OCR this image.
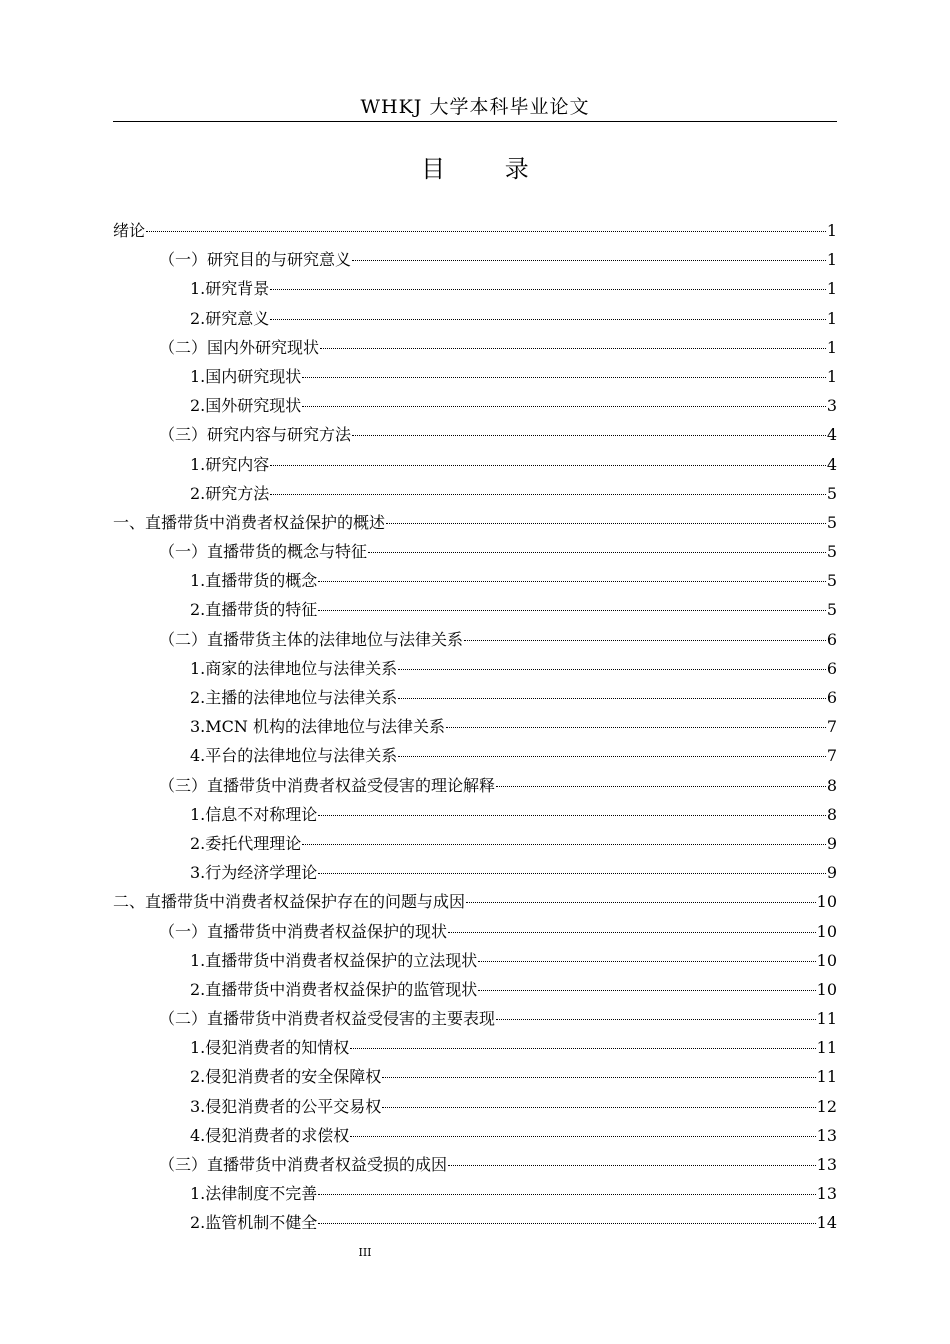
WHKJ 大学本科毕业论文
目 录
绪论	1
（一）研究目的与研究意义	1
1.研究背景	1
2.研究意义	1
（二）国内外研究现状	1
1.国内研究现状	1
2.国外研究现状	3
（三）研究内容与研究方法	4
1.研究内容	4
2.研究方法	5
一、直播带货中消费者权益保护的概述	5
（一）直播带货的概念与特征	5
1.直播带货的概念	5
2.直播带货的特征	5
（二）直播带货主体的法律地位与法律关系	6
1.商家的法律地位与法律关系	6
2.主播的法律地位与法律关系	6
3.MCN 机构的法律地位与法律关系	7
4.平台的法律地位与法律关系	7
（三）直播带货中消费者权益受侵害的理论解释	8
1.信息不对称理论	8
2.委托代理理论	9
3.行为经济学理论	9
二、直播带货中消费者权益保护存在的问题与成因	10
（一）直播带货中消费者权益保护的现状	10
1.直播带货中消费者权益保护的立法现状	10
2.直播带货中消费者权益保护的监管现状	10
（二）直播带货中消费者权益受侵害的主要表现	11
1.侵犯消费者的知情权	11
2.侵犯消费者的安全保障权	11
3.侵犯消费者的公平交易权	12
4.侵犯消费者的求偿权	13
（三）直播带货中消费者权益受损的成因	13
1.法律制度不完善	13
2.监管机制不健全	14
III
